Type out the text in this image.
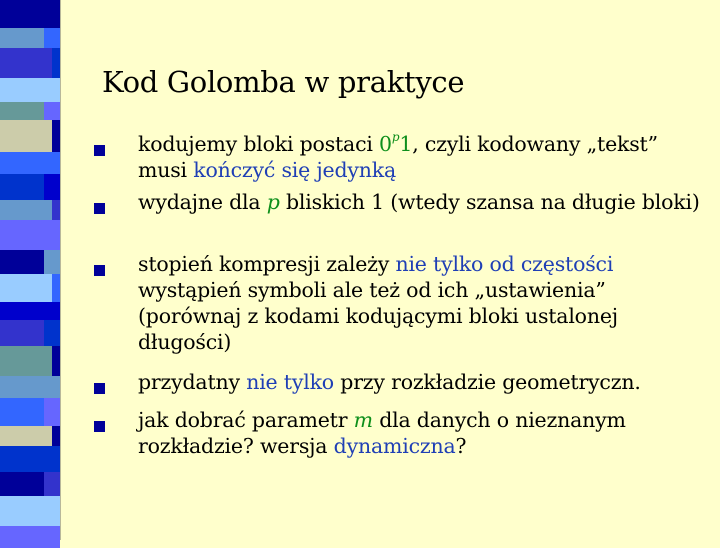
Kod Golomba w praktyce
kodujemy bloki postaci 0$^p$1, czyli kodowany „tekst” musi kończyć się jedynką
wydajne dla p bliskich 1 (wtedy szansa na długie bloki)
stopień kompresji zależy nie tylko od częstości wystąpień symboli ale też od ich „ustawienia” (porównaj z kodami kodującymi bloki ustalonej długości)
przydatny nie tylko przy rozkładzie geometryczn.
jak dobrać parametr m dla danych o nieznanym rozkładzie? wersja dynamiczna?
